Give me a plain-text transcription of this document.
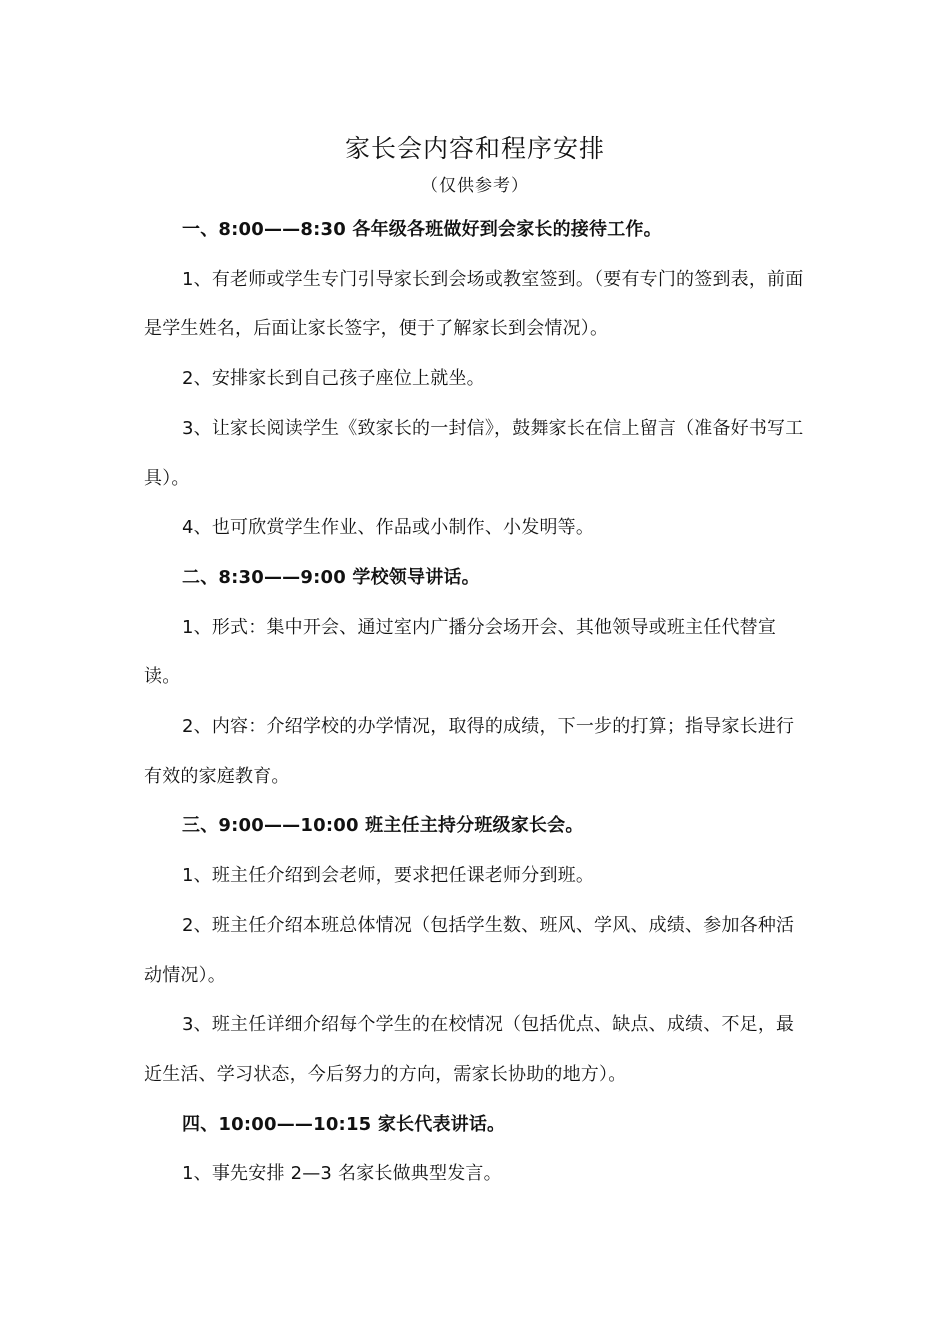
家长会内容和程序安排
（仅供参考）

一、8:00——8:30 各年级各班做好到会家长的接待工作。

1、有老师或学生专门引导家长到会场或教室签到。（要有专门的签到表，前面是学生姓名，后面让家长签字，便于了解家长到会情况）。

2、安排家长到自己孩子座位上就坐。

3、让家长阅读学生《致家长的一封信》，鼓舞家长在信上留言（准备好书写工具）。

4、也可欣赏学生作业、作品或小制作、小发明等。

二、8:30——9:00 学校领导讲话。

1、形式：集中开会、通过室内广播分会场开会、其他领导或班主任代替宣读。

2、内容：介绍学校的办学情况，取得的成绩，下一步的打算；指导家长进行有效的家庭教育。

三、9:00——10:00 班主任主持分班级家长会。

1、班主任介绍到会老师，要求把任课老师分到班。

2、班主任介绍本班总体情况（包括学生数、班风、学风、成绩、参加各种活动情况）。

3、班主任详细介绍每个学生的在校情况（包括优点、缺点、成绩、不足，最近生活、学习状态，今后努力的方向，需家长协助的地方）。

四、10:00——10:15 家长代表讲话。

1、事先安排 2—3 名家长做典型发言。
